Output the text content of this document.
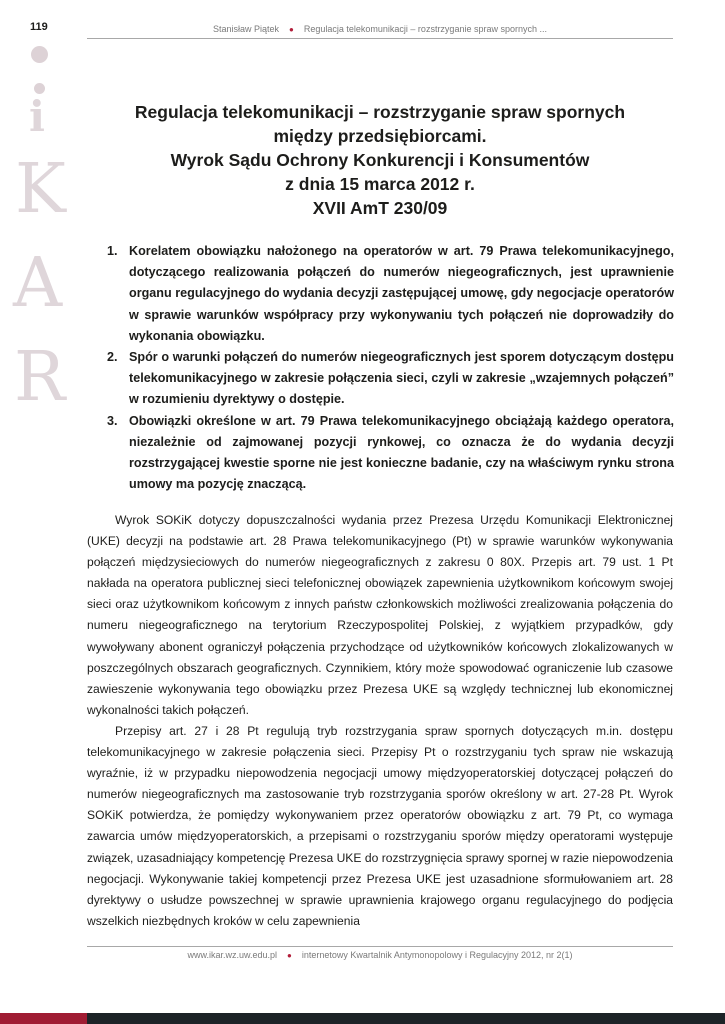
119
i
K
A
R
Stanisław Piątek ● Regulacja telekomunikacji – rozstrzyganie spraw spornych ...
Regulacja telekomunikacji – rozstrzyganie spraw spornych
między przedsiębiorcami.
Wyrok Sądu Ochrony Konkurencji i Konsumentów
z dnia 15 marca 2012 r.
XVII AmT 230/09
1. Korelatem obowiązku nałożonego na operatorów w art. 79 Prawa telekomunikacyjnego, dotyczącego realizowania połączeń do numerów niegeograficznych, jest uprawnienie organu regulacyjnego do wydania decyzji zastępującej umowę, gdy negocjacje operatorów w sprawie warunków współpracy przy wykonywaniu tych połączeń nie doprowadziły do wykonania obowiązku.
2. Spór o warunki połączeń do numerów niegeograficznych jest sporem dotyczącym dostępu telekomunikacyjnego w zakresie połączenia sieci, czyli w zakresie „wzajemnych połączeń” w rozumieniu dyrektywy o dostępie.
3. Obowiązki określone w art. 79 Prawa telekomunikacyjnego obciążają każdego operatora, niezależnie od zajmowanej pozycji rynkowej, co oznacza że do wydania decyzji rozstrzygającej kwestie sporne nie jest konieczne badanie, czy na właściwym rynku strona umowy ma pozycję znaczącą.

Wyrok SOKiK dotyczy dopuszczalności wydania przez Prezesa Urzędu Komunikacji Elektronicznej (UKE) decyzji na podstawie art. 28 Prawa telekomunikacyjnego (Pt) w sprawie warunków wykonywania połączeń międzysieciowych do numerów niegeograficznych z zakresu 0 80X. Przepis art. 79 ust. 1 Pt nakłada na operatora publicznej sieci telefonicznej obowiązek zapewnienia użytkownikom końcowym swojej sieci oraz użytkownikom końcowym z innych państw członkowskich możliwości zrealizowania połączenia do numeru niegeograficznego na terytorium Rzeczypospolitej Polskiej, z wyjątkiem przypadków, gdy wywoływany abonent ograniczył połączenia przychodzące od użytkowników końcowych zlokalizowanych w poszczególnych obszarach geograficznych. Czynnikiem, który może spowodować ograniczenie lub czasowe zawieszenie wykonywania tego obowiązku przez Prezesa UKE są względy technicznej lub ekonomicznej wykonalności takich połączeń.

Przepisy art. 27 i 28 Pt regulują tryb rozstrzygania spraw spornych dotyczących m.in. dostępu telekomunikacyjnego w zakresie połączenia sieci. Przepisy Pt o rozstrzyganiu tych spraw nie wskazują wyraźnie, iż w przypadku niepowodzenia negocjacji umowy międzyoperatorskiej dotyczącej połączeń do numerów niegeograficznych ma zastosowanie tryb rozstrzygania sporów określony w art. 27-28 Pt. Wyrok SOKiK potwierdza, że pomiędzy wykonywaniem przez operatorów obowiązku z art. 79 Pt, co wymaga zawarcia umów międzyoperatorskich, a przepisami o rozstrzyganiu sporów między operatorami występuje związek, uzasadniający kompetencję Prezesa UKE do rozstrzygnięcia sprawy spornej w razie niepowodzenia negocjacji. Wykonywanie takiej kompetencji przez Prezesa UKE jest uzasadnione sformułowaniem art. 28 dyrektywy o usłudze powszechnej w sprawie uprawnienia krajowego organu regulacyjnego do podjęcia wszelkich niezbędnych kroków w celu zapewnienia

www.ikar.wz.uw.edu.pl ● internetowy Kwartalnik Antymonopolowy i Regulacyjny 2012, nr 2(1)
